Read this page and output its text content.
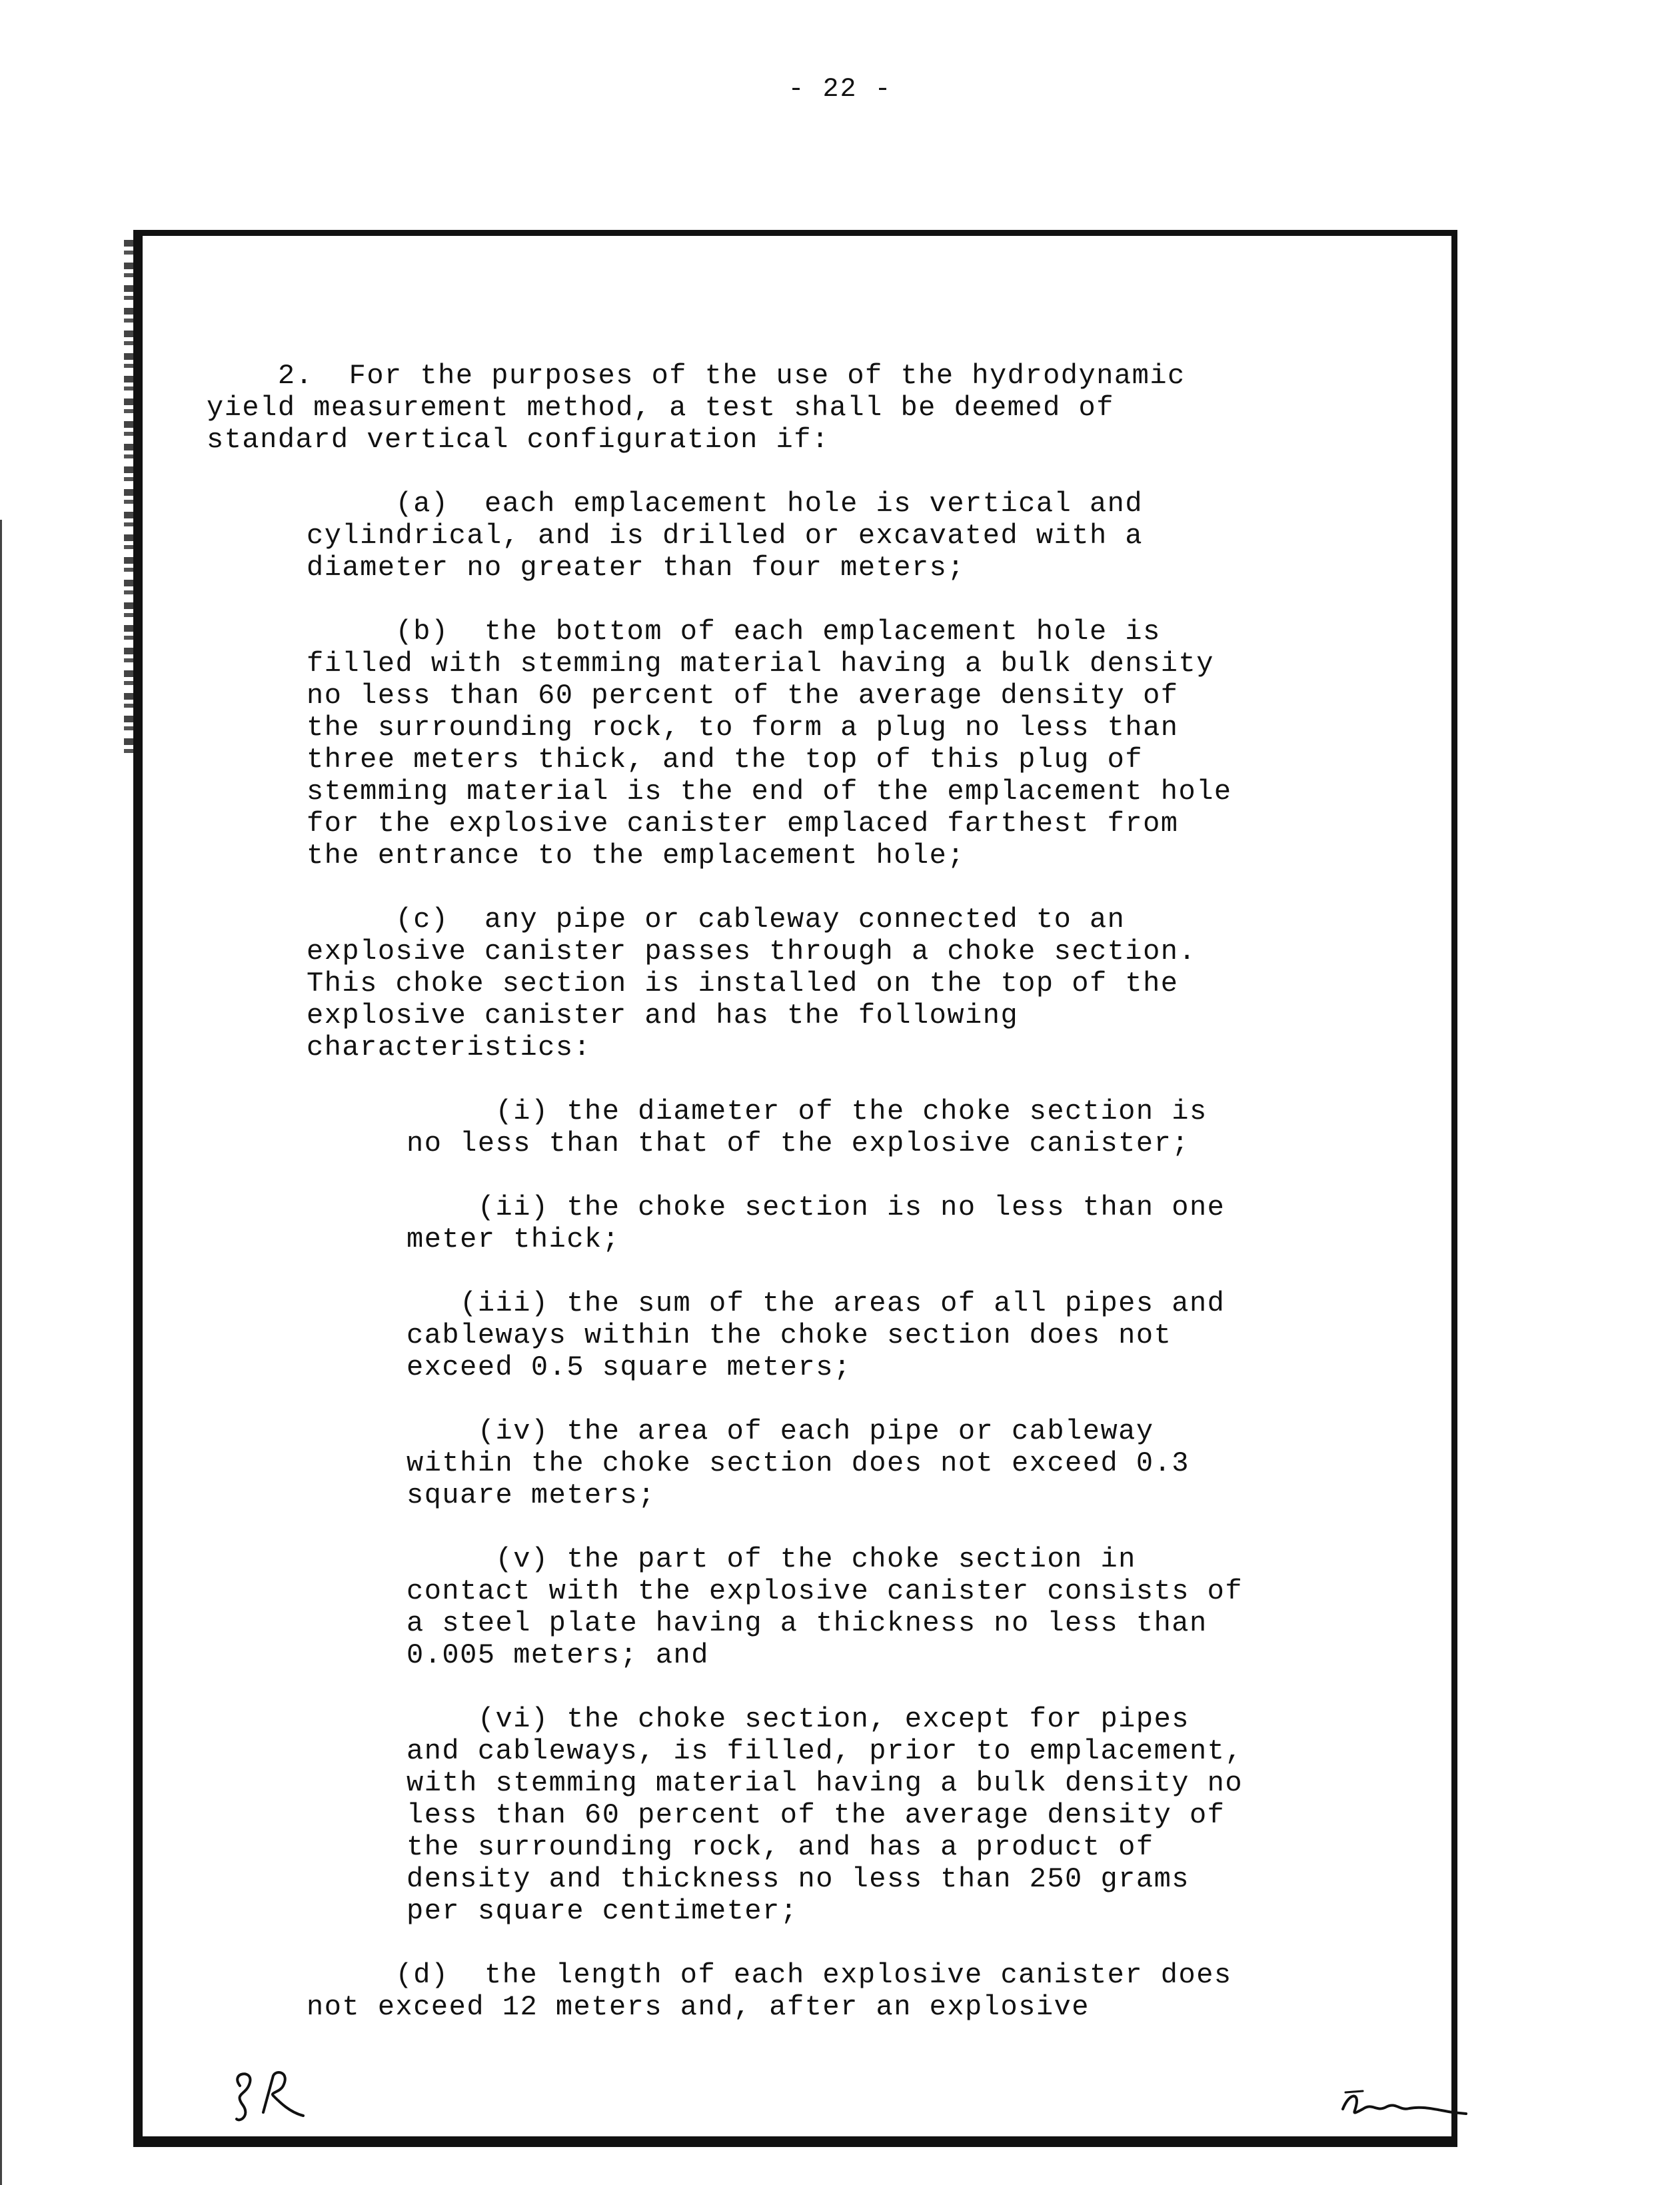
- 22 -
2.  For the purposes of the use of the hydrodynamic
yield measurement method, a test shall be deemed of
standard vertical configuration if:
(a)  each emplacement hole is vertical and
cylindrical, and is drilled or excavated with a
diameter no greater than four meters;
(b)  the bottom of each emplacement hole is
filled with stemming material having a bulk density
no less than 60 percent of the average density of
the surrounding rock, to form a plug no less than
three meters thick, and the top of this plug of
stemming material is the end of the emplacement hole
for the explosive canister emplaced farthest from
the entrance to the emplacement hole;
(c)  any pipe or cableway connected to an
explosive canister passes through a choke section.
This choke section is installed on the top of the
explosive canister and has the following
characteristics:
(i) the diameter of the choke section is
no less than that of the explosive canister;
(ii) the choke section is no less than one
meter thick;
(iii) the sum of the areas of all pipes and
cableways within the choke section does not
exceed 0.5 square meters;
(iv) the area of each pipe or cableway
within the choke section does not exceed 0.3
square meters;
(v) the part of the choke section in
contact with the explosive canister consists of
a steel plate having a thickness no less than
0.005 meters; and
(vi) the choke section, except for pipes
and cableways, is filled, prior to emplacement,
with stemming material having a bulk density no
less than 60 percent of the average density of
the surrounding rock, and has a product of
density and thickness no less than 250 grams
per square centimeter;
(d)  the length of each explosive canister does
not exceed 12 meters and, after an explosive
